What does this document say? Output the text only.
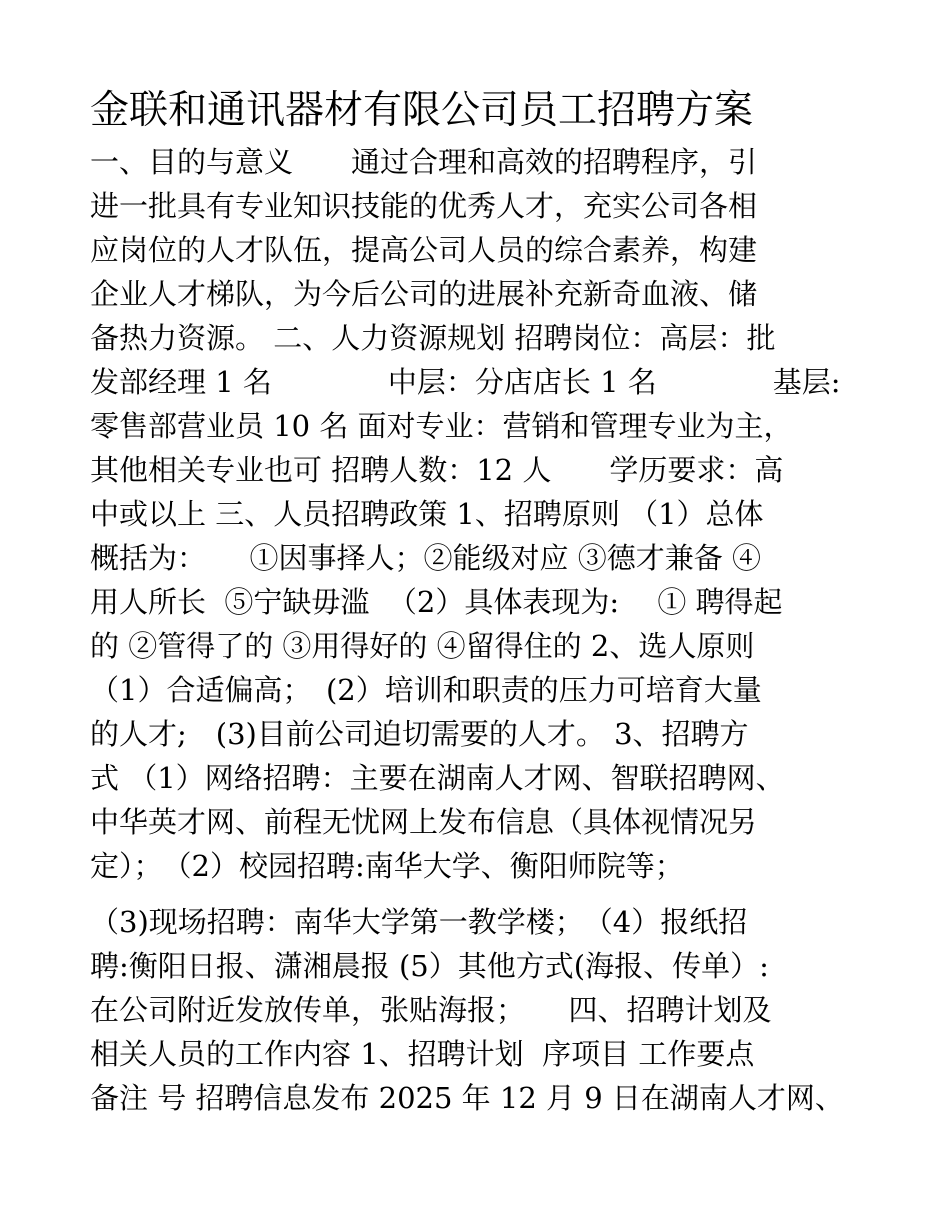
金联和通讯器材有限公司员工招聘方案
一、目的与意义　　通过合理和高效的招聘程序，引
进一批具有专业知识技能的优秀人才，充实公司各相
应岗位的人才队伍，提高公司人员的综合素养，构建
企业人才梯队，为今后公司的进展补充新奇血液、储
备热力资源。 二、人力资源规划 招聘岗位：高层：批
发部经理 1 名　　　　中层：分店店长 1 名　　　　基层:
零售部营业员 10 名 面对专业：营销和管理专业为主，
其他相关专业也可 招聘人数：12 人　　学历要求：高
中或以上 三、人员招聘政策 1、招聘原则 （1）总体
概括为：　　①因事择人；②能级对应 ③德才兼备 ④
用人所长  ⑤宁缺毋滥  （2）具体表现为:　 ① 聘得起
的 ②管得了的 ③用得好的 ④留得住的 2、选人原则
（1）合适偏高；　(2）培训和职责的压力可培育大量
的人才;　(3)目前公司迫切需要的人才。 3、招聘方
式 （1）网络招聘：主要在湖南人才网、智联招聘网、
中华英才网、前程无忧网上发布信息（具体视情况另
定）；　（2）校园招聘:南华大学、衡阳师院等；
（3)现场招聘：南华大学第一教学楼；　（4）报纸招
聘:衡阳日报、潇湘晨报 (5）其他方式(海报、传单）:
在公司附近发放传单，张贴海报；　　四、招聘计划及
相关人员的工作内容 1、招聘计划  序项目 工作要点
备注 号 招聘信息发布 2025 年 12 月 9 日在湖南人才网、
